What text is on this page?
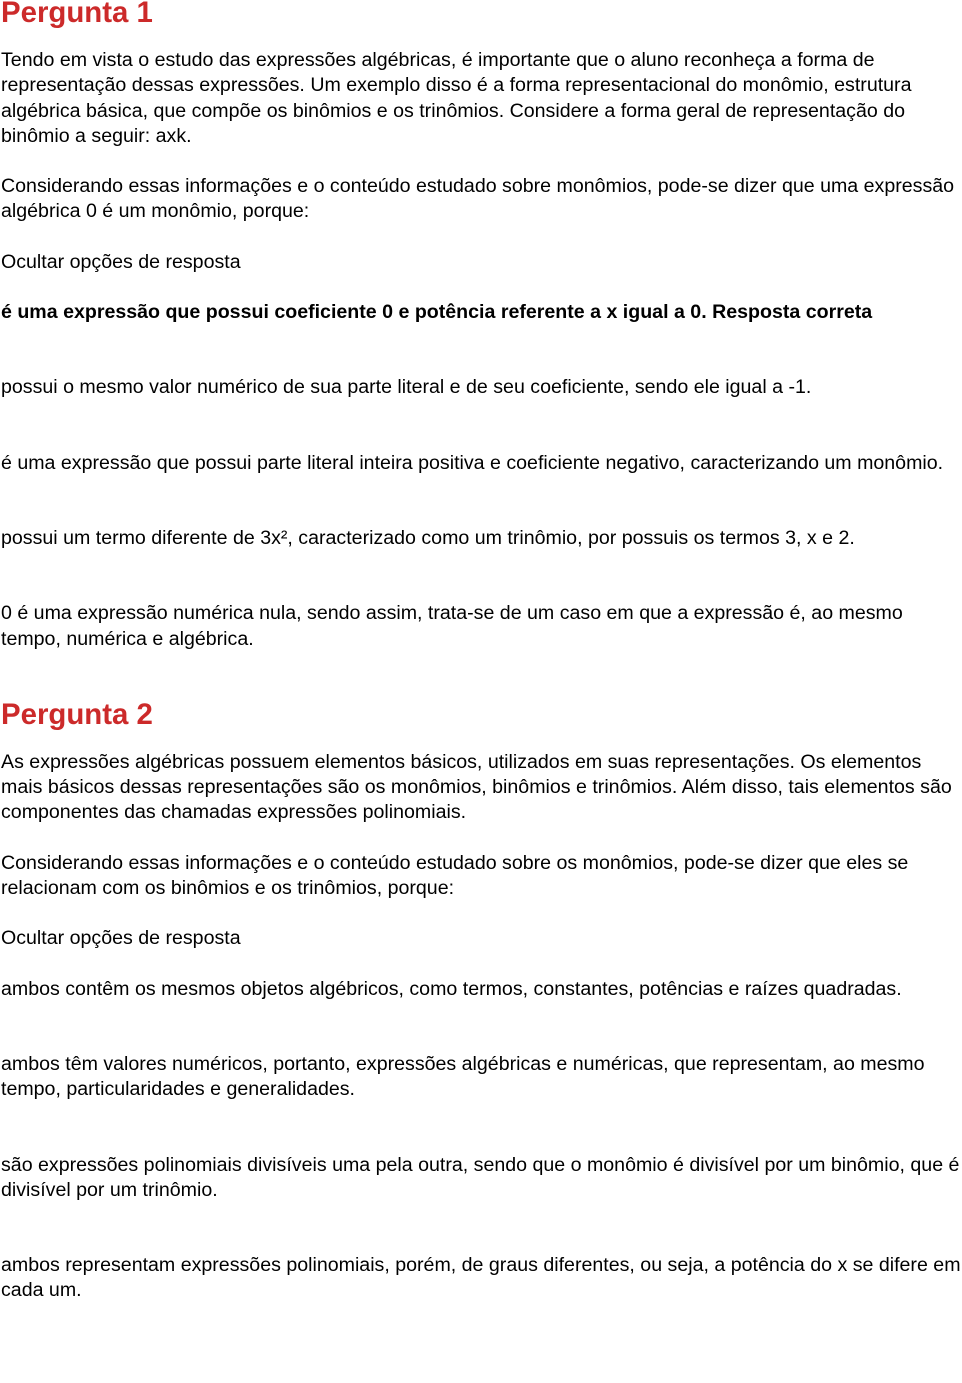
Pergunta 1

Tendo em vista o estudo das expressões algébricas, é importante que o aluno reconheça a forma de representação dessas expressões. Um exemplo disso é a forma representacional do monômio, estrutura algébrica básica, que compõe os binômios e os trinômios. Considere a forma geral de representação do binômio a seguir: axk.

Considerando essas informações e o conteúdo estudado sobre monômios, pode-se dizer que uma expressão algébrica 0 é um monômio, porque:

Ocultar opções de resposta

é uma expressão que possui coeficiente 0 e potência referente a x igual a 0. Resposta correta

possui o mesmo valor numérico de sua parte literal e de seu coeficiente, sendo ele igual a -1.

é uma expressão que possui parte literal inteira positiva e coeficiente negativo, caracterizando um monômio.

possui um termo diferente de 3x², caracterizado como um trinômio, por possuis os termos 3, x e 2.

0 é uma expressão numérica nula, sendo assim, trata-se de um caso em que a expressão é, ao mesmo tempo, numérica e algébrica.

Pergunta 2

As expressões algébricas possuem elementos básicos, utilizados em suas representações. Os elementos mais básicos dessas representações são os monômios, binômios e trinômios. Além disso, tais elementos são componentes das chamadas expressões polinomiais.

Considerando essas informações e o conteúdo estudado sobre os monômios, pode-se dizer que eles se relacionam com os binômios e os trinômios, porque:

Ocultar opções de resposta

ambos contêm os mesmos objetos algébricos, como termos, constantes, potências e raízes quadradas.

ambos têm valores numéricos, portanto, expressões algébricas e numéricas, que representam, ao mesmo tempo, particularidades e generalidades.

são expressões polinomiais divisíveis uma pela outra, sendo que o monômio é divisível por um binômio, que é divisível por um trinômio.

ambos representam expressões polinomiais, porém, de graus diferentes, ou seja, a potência do x se difere em cada um.
